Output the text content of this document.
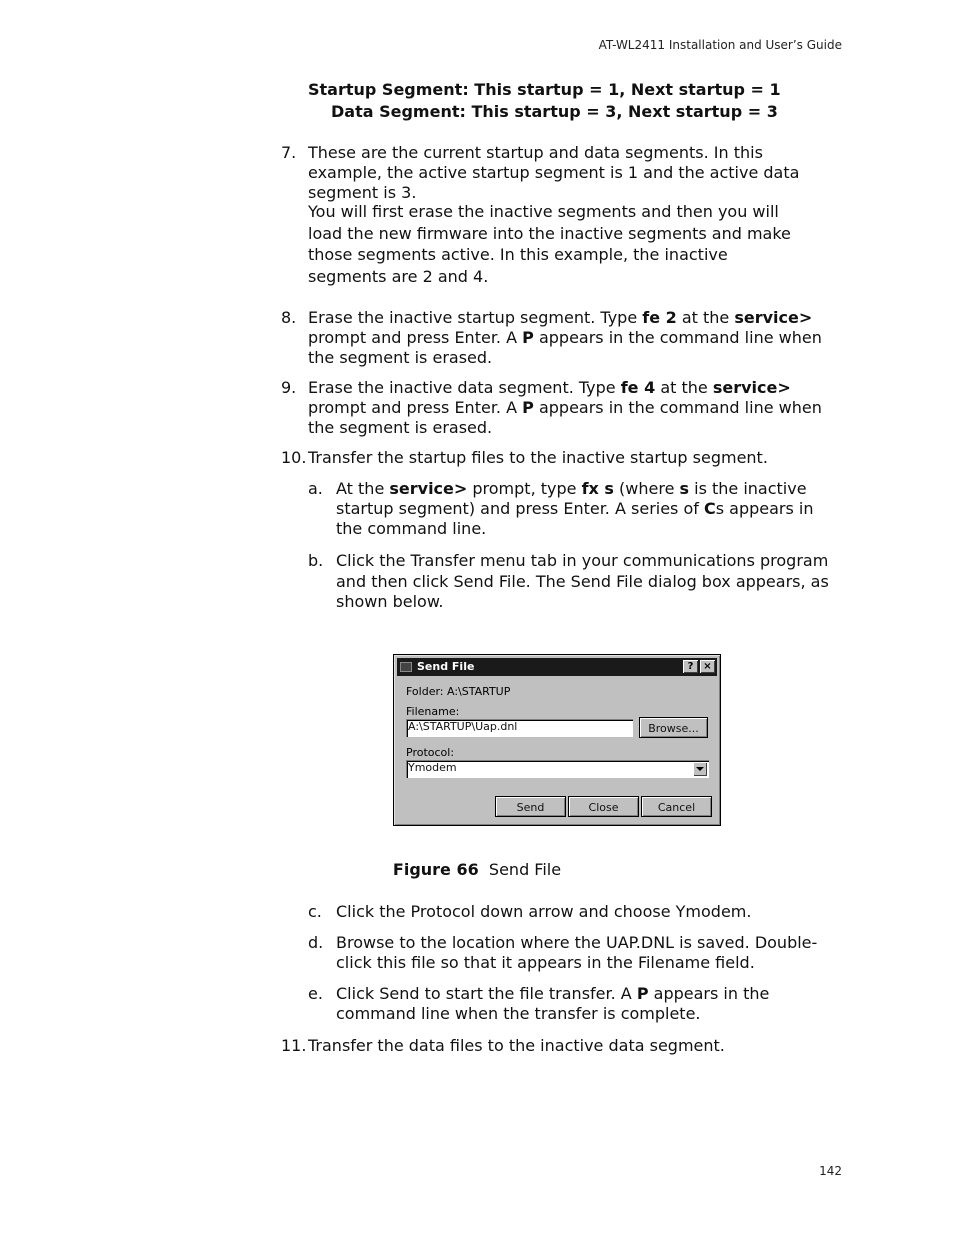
AT-WL2411 Installation and User’s Guide
Startup Segment: This startup = 1, Next startup = 1
Data Segment: This startup = 3, Next startup = 3
7. These are the current startup and data segments. In this example, the active startup segment is 1 and the active data segment is 3.
You will first erase the inactive segments and then you will load the new firmware into the inactive segments and make those segments active. In this example, the inactive segments are 2 and 4.
8. Erase the inactive startup segment. Type fe 2 at the service> prompt and press Enter. A P appears in the command line when the segment is erased.
9. Erase the inactive data segment. Type fe 4 at the service> prompt and press Enter. A P appears in the command line when the segment is erased.
10. Transfer the startup files to the inactive startup segment.
a. At the service> prompt, type fx s (where s is the inactive startup segment) and press Enter. A series of Cs appears in the command line.
b. Click the Transfer menu tab in your communications program and then click Send File. The Send File dialog box appears, as shown below.
Send File	? ×
Folder: A:\STARTUP
Filename:
A:\STARTUP\Uap.dnl	Browse...
Protocol:
Ymodem
Send	Close	Cancel
Figure 66 Send File
c. Click the Protocol down arrow and choose Ymodem.
d. Browse to the location where the UAP.DNL is saved. Double-click this file so that it appears in the Filename field.
e. Click Send to start the file transfer. A P appears in the command line when the transfer is complete.
11. Transfer the data files to the inactive data segment.
142
